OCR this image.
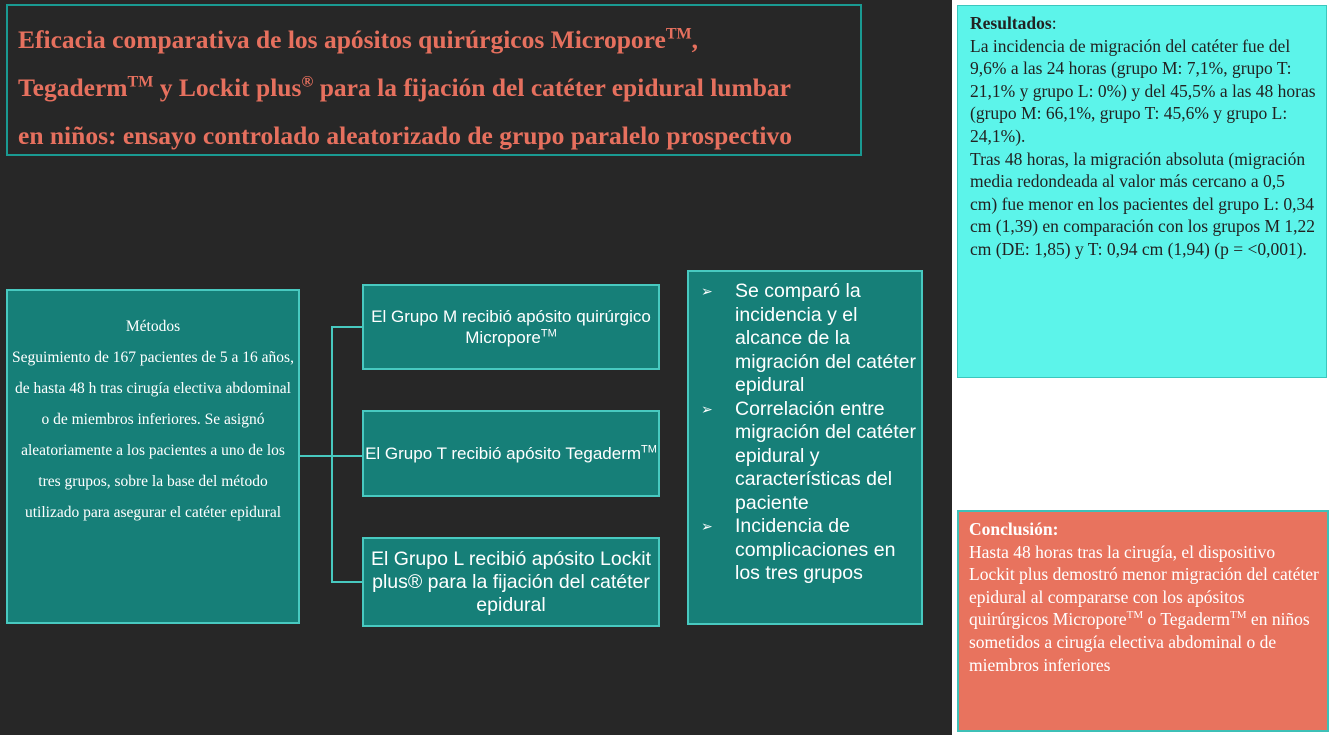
Eficacia comparativa de los apósitos quirúrgicos Micropore™,
Tegaderm™ y Lockit plus® para la fijación del catéter epidural lumbar
en niños: ensayo controlado aleatorizado de grupo paralelo prospectivo
Métodos
Seguimiento de 167 pacientes de 5 a 16 años, de hasta 48 h tras cirugía electiva abdominal o de miembros inferiores. Se asignó aleatoriamente a los pacientes a uno de los tres grupos, sobre la base del método utilizado para asegurar el catéter epidural
El Grupo M recibió apósito quirúrgico Micropore™
El Grupo T recibió apósito Tegaderm™
El Grupo L recibió apósito Lockit plus® para la fijación del catéter epidural
➢ Se comparó la incidencia y el alcance de la migración del catéter epidural
➢ Correlación entre migración del catéter epidural y características del paciente
➢ Incidencia de complicaciones en los tres grupos
Resultados:
La incidencia de migración del catéter fue del 9,6% a las 24 horas (grupo M: 7,1%, grupo T: 21,1% y grupo L: 0%) y del 45,5% a las 48 horas (grupo M: 66,1%, grupo T: 45,6% y grupo L: 24,1%).
Tras 48 horas, la migración absoluta (migración media redondeada al valor más cercano a 0,5 cm) fue menor en los pacientes del grupo L: 0,34 cm (1,39) en comparación con los grupos M 1,22 cm (DE: 1,85) y T: 0,94 cm (1,94) (p = <0,001).
Conclusión:
Hasta 48 horas tras la cirugía, el dispositivo Lockit plus demostró menor migración del catéter epidural al compararse con los apósitos quirúrgicos Micropore™ o Tegaderm™ en niños sometidos a cirugía electiva abdominal o de miembros inferiores
